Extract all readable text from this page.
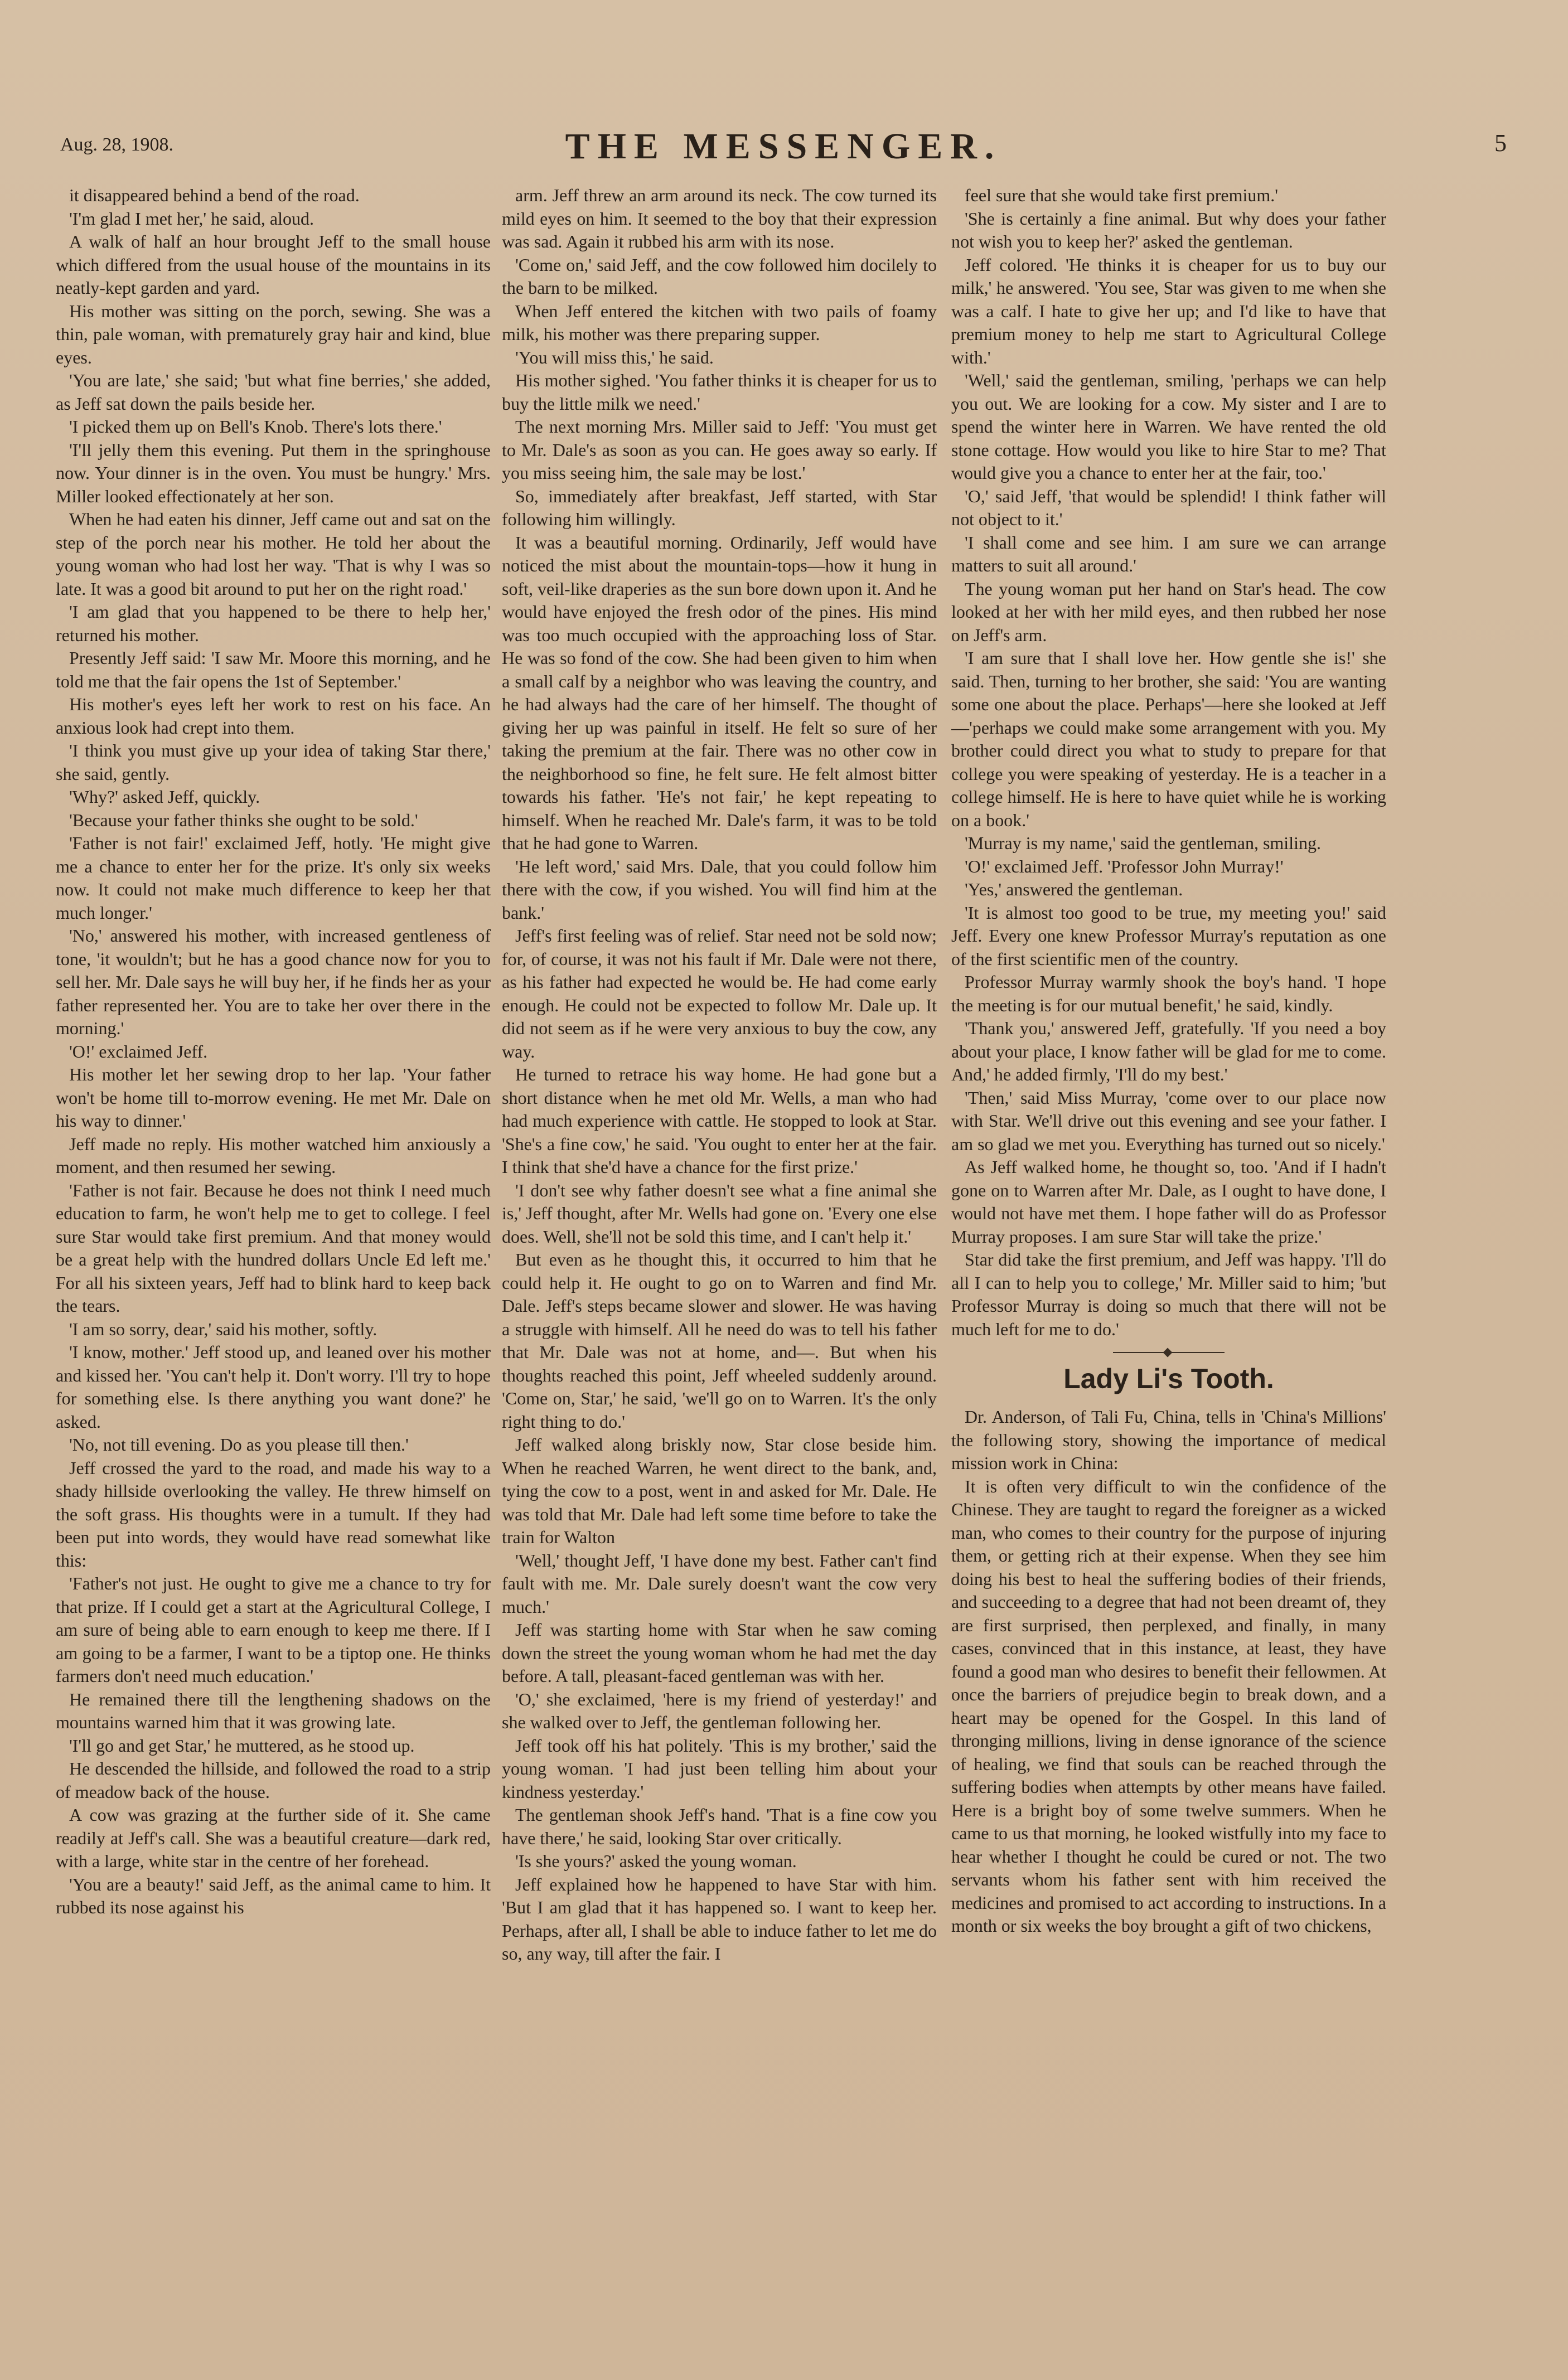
Aug. 28, 1908.	THE MESSENGER.	5

it disappeared behind a bend of the road.

'I'm glad I met her,' he said, aloud.

A walk of half an hour brought Jeff to the small house which differed from the usual house of the mountains in its neatly-kept garden and yard.

His mother was sitting on the porch, sewing. She was a thin, pale woman, with prematurely gray hair and kind, blue eyes.

'You are late,' she said; 'but what fine berries,' she added, as Jeff sat down the pails beside her.

'I picked them up on Bell's Knob. There's lots there.'

'I'll jelly them this evening. Put them in the springhouse now. Your dinner is in the oven. You must be hungry.' Mrs. Miller looked effectionately at her son.

When he had eaten his dinner, Jeff came out and sat on the step of the porch near his mother. He told her about the young woman who had lost her way. 'That is why I was so late. It was a good bit around to put her on the right road.'

'I am glad that you happened to be there to help her,' returned his mother.

Presently Jeff said: 'I saw Mr. Moore this morning, and he told me that the fair opens the 1st of September.'

His mother's eyes left her work to rest on his face. An anxious look had crept into them.

'I think you must give up your idea of taking Star there,' she said, gently.

'Why?' asked Jeff, quickly.

'Because your father thinks she ought to be sold.'

'Father is not fair!' exclaimed Jeff, hotly. 'He might give me a chance to enter her for the prize. It's only six weeks now. It could not make much difference to keep her that much longer.'

'No,' answered his mother, with increased gentleness of tone, 'it wouldn't; but he has a good chance now for you to sell her. Mr. Dale says he will buy her, if he finds her as your father represented her. You are to take her over there in the morning.'

'O!' exclaimed Jeff.

His mother let her sewing drop to her lap. 'Your father won't be home till to-morrow evening. He met Mr. Dale on his way to dinner.'

Jeff made no reply. His mother watched him anxiously a moment, and then resumed her sewing.

'Father is not fair. Because he does not think I need much education to farm, he won't help me to get to college. I feel sure Star would take first premium. And that money would be a great help with the hundred dollars Uncle Ed left me.' For all his sixteen years, Jeff had to blink hard to keep back the tears.

'I am so sorry, dear,' said his mother, softly.

'I know, mother.' Jeff stood up, and leaned over his mother and kissed her. 'You can't help it. Don't worry. I'll try to hope for something else. Is there anything you want done?' he asked.

'No, not till evening. Do as you please till then.'

Jeff crossed the yard to the road, and made his way to a shady hillside overlooking the valley. He threw himself on the soft grass. His thoughts were in a tumult. If they had been put into words, they would have read somewhat like this:

'Father's not just. He ought to give me a chance to try for that prize. If I could get a start at the Agricultural College, I am sure of being able to earn enough to keep me there. If I am going to be a farmer, I want to be a tiptop one. He thinks farmers don't need much education.'

He remained there till the lengthening shadows on the mountains warned him that it was growing late.

'I'll go and get Star,' he muttered, as he stood up.

He descended the hillside, and followed the road to a strip of meadow back of the house.

A cow was grazing at the further side of it. She came readily at Jeff's call. She was a beautiful creature—dark red, with a large, white star in the centre of her forehead.

'You are a beauty!' said Jeff, as the animal came to him. It rubbed its nose against his

arm. Jeff threw an arm around its neck. The cow turned its mild eyes on him. It seemed to the boy that their expression was sad. Again it rubbed his arm with its nose.

'Come on,' said Jeff, and the cow followed him docilely to the barn to be milked.

When Jeff entered the kitchen with two pails of foamy milk, his mother was there preparing supper.

'You will miss this,' he said.

His mother sighed. 'You father thinks it is cheaper for us to buy the little milk we need.'

The next morning Mrs. Miller said to Jeff: 'You must get to Mr. Dale's as soon as you can. He goes away so early. If you miss seeing him, the sale may be lost.'

So, immediately after breakfast, Jeff started, with Star following him willingly.

It was a beautiful morning. Ordinarily, Jeff would have noticed the mist about the mountain-tops—how it hung in soft, veil-like draperies as the sun bore down upon it. And he would have enjoyed the fresh odor of the pines. His mind was too much occupied with the approaching loss of Star. He was so fond of the cow. She had been given to him when a small calf by a neighbor who was leaving the country, and he had always had the care of her himself. The thought of giving her up was painful in itself. He felt so sure of her taking the premium at the fair. There was no other cow in the neighborhood so fine, he felt sure. He felt almost bitter towards his father. 'He's not fair,' he kept repeating to himself. When he reached Mr. Dale's farm, it was to be told that he had gone to Warren.

'He left word,' said Mrs. Dale, that you could follow him there with the cow, if you wished. You will find him at the bank.'

Jeff's first feeling was of relief. Star need not be sold now; for, of course, it was not his fault if Mr. Dale were not there, as his father had expected he would be. He had come early enough. He could not be expected to follow Mr. Dale up. It did not seem as if he were very anxious to buy the cow, any way.

He turned to retrace his way home. He had gone but a short distance when he met old Mr. Wells, a man who had had much experience with cattle. He stopped to look at Star. 'She's a fine cow,' he said. 'You ought to enter her at the fair. I think that she'd have a chance for the first prize.'

'I don't see why father doesn't see what a fine animal she is,' Jeff thought, after Mr. Wells had gone on. 'Every one else does. Well, she'll not be sold this time, and I can't help it.'

But even as he thought this, it occurred to him that he could help it. He ought to go on to Warren and find Mr. Dale. Jeff's steps became slower and slower. He was having a struggle with himself. All he need do was to tell his father that Mr. Dale was not at home, and—. But when his thoughts reached this point, Jeff wheeled suddenly around. 'Come on, Star,' he said, 'we'll go on to Warren. It's the only right thing to do.'

Jeff walked along briskly now, Star close beside him. When he reached Warren, he went direct to the bank, and, tying the cow to a post, went in and asked for Mr. Dale. He was told that Mr. Dale had left some time before to take the train for Walton

'Well,' thought Jeff, 'I have done my best. Father can't find fault with me. Mr. Dale surely doesn't want the cow very much.'

Jeff was starting home with Star when he saw coming down the street the young woman whom he had met the day before. A tall, pleasant-faced gentleman was with her.

'O,' she exclaimed, 'here is my friend of yesterday!' and she walked over to Jeff, the gentleman following her.

Jeff took off his hat politely. 'This is my brother,' said the young woman. 'I had just been telling him about your kindness yesterday.'

The gentleman shook Jeff's hand. 'That is a fine cow you have there,' he said, looking Star over critically.

'Is she yours?' asked the young woman.

Jeff explained how he happened to have Star with him. 'But I am glad that it has happened so. I want to keep her. Perhaps, after all, I shall be able to induce father to let me do so, any way, till after the fair. I

feel sure that she would take first premium.'

'She is certainly a fine animal. But why does your father not wish you to keep her?' asked the gentleman.

Jeff colored. 'He thinks it is cheaper for us to buy our milk,' he answered. 'You see, Star was given to me when she was a calf. I hate to give her up; and I'd like to have that premium money to help me start to Agricultural College with.'

'Well,' said the gentleman, smiling, 'perhaps we can help you out. We are looking for a cow. My sister and I are to spend the winter here in Warren. We have rented the old stone cottage. How would you like to hire Star to me? That would give you a chance to enter her at the fair, too.'

'O,' said Jeff, 'that would be splendid! I think father will not object to it.'

'I shall come and see him. I am sure we can arrange matters to suit all around.'

The young woman put her hand on Star's head. The cow looked at her with her mild eyes, and then rubbed her nose on Jeff's arm.

'I am sure that I shall love her. How gentle she is!' she said. Then, turning to her brother, she said: 'You are wanting some one about the place. Perhaps'—here she looked at Jeff—'perhaps we could make some arrangement with you. My brother could direct you what to study to prepare for that college you were speaking of yesterday. He is a teacher in a college himself. He is here to have quiet while he is working on a book.'

'Murray is my name,' said the gentleman, smiling.

'O!' exclaimed Jeff. 'Professor John Murray!'

'Yes,' answered the gentleman.

'It is almost too good to be true, my meeting you!' said Jeff. Every one knew Professor Murray's reputation as one of the first scientific men of the country.

Professor Murray warmly shook the boy's hand. 'I hope the meeting is for our mutual benefit,' he said, kindly.

'Thank you,' answered Jeff, gratefully. 'If you need a boy about your place, I know father will be glad for me to come. And,' he added firmly, 'I'll do my best.'

'Then,' said Miss Murray, 'come over to our place now with Star. We'll drive out this evening and see your father. I am so glad we met you. Everything has turned out so nicely.'

As Jeff walked home, he thought so, too. 'And if I hadn't gone on to Warren after Mr. Dale, as I ought to have done, I would not have met them. I hope father will do as Professor Murray proposes. I am sure Star will take the prize.'

Star did take the first premium, and Jeff was happy. 'I'll do all I can to help you to college,' Mr. Miller said to him; 'but Professor Murray is doing so much that there will not be much left for me to do.'

Lady Li's Tooth.

Dr. Anderson, of Tali Fu, China, tells in 'China's Millions' the following story, showing the importance of medical mission work in China:

It is often very difficult to win the confidence of the Chinese. They are taught to regard the foreigner as a wicked man, who comes to their country for the purpose of injuring them, or getting rich at their expense. When they see him doing his best to heal the suffering bodies of their friends, and succeeding to a degree that had not been dreamt of, they are first surprised, then perplexed, and finally, in many cases, convinced that in this instance, at least, they have found a good man who desires to benefit their fellowmen. At once the barriers of prejudice begin to break down, and a heart may be opened for the Gospel. In this land of thronging millions, living in dense ignorance of the science of healing, we find that souls can be reached through the suffering bodies when attempts by other means have failed. Here is a bright boy of some twelve summers. When he came to us that morning, he looked wistfully into my face to hear whether I thought he could be cured or not. The two servants whom his father sent with him received the medicines and promised to act according to instructions. In a month or six weeks the boy brought a gift of two chickens,
